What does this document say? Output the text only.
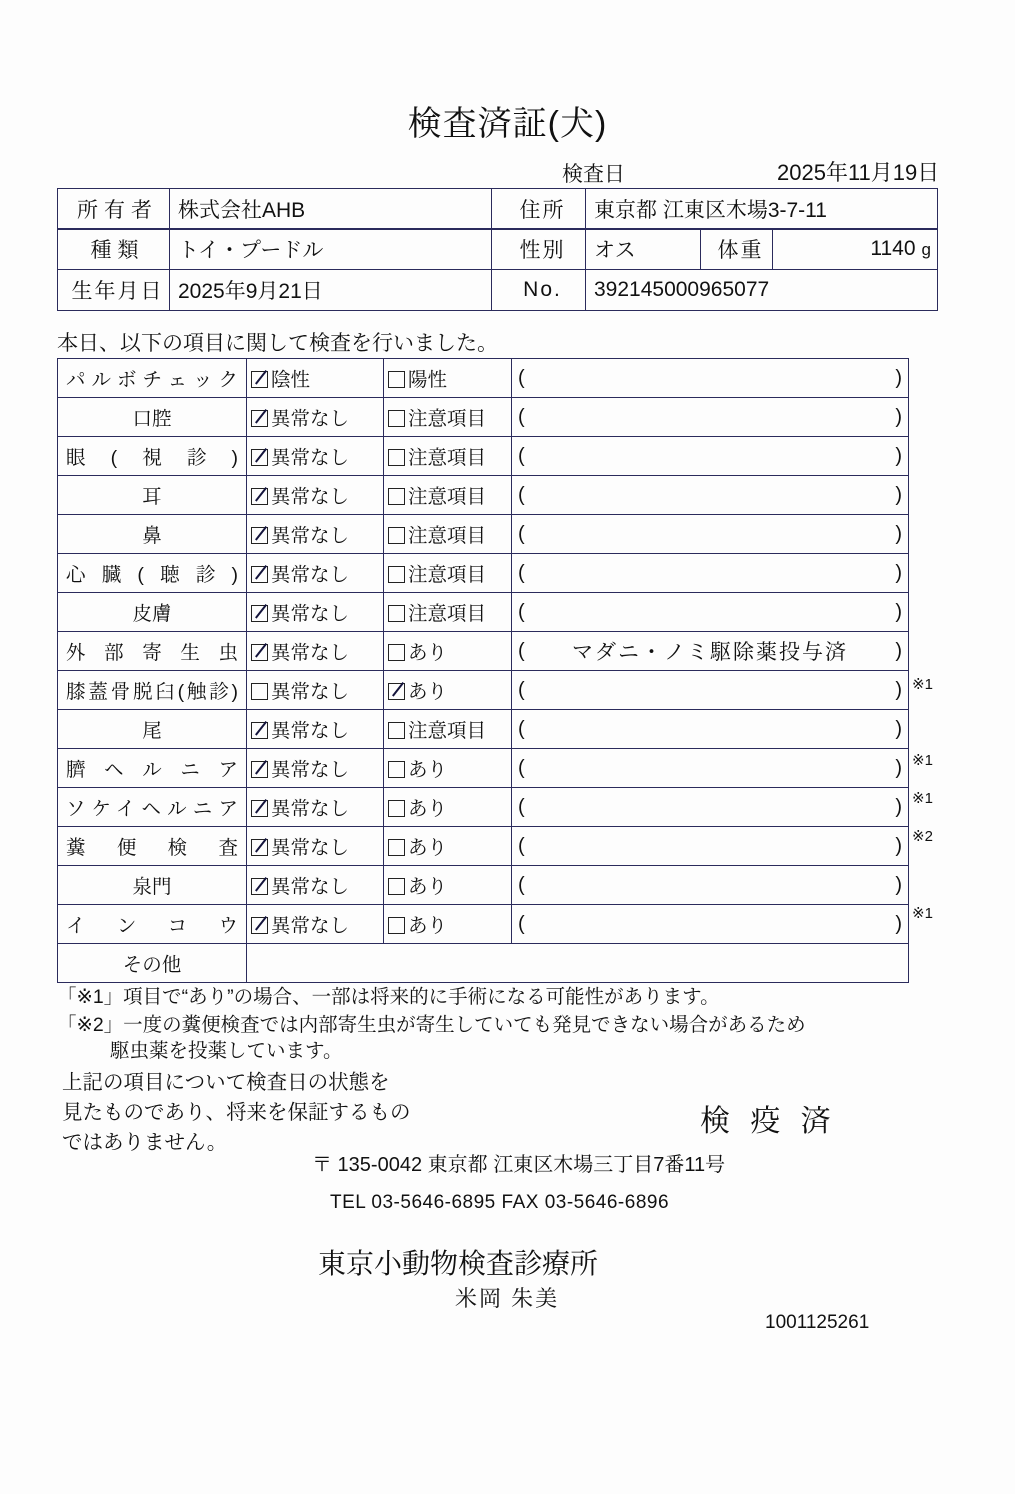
検査済証(犬)
検査日	2025年11月19日
所有者	株式会社AHB	住所	東京都 江東区木場3-7-11
種類	トイ・プードル	性別	オス	体重	1140 g
生年月日	2025年9月21日	No.	392145000965077		
本日、以下の項目に関して検査を行いました。
パルボチェック	陰性	陽性	( )

口腔	異常なし	注意項目	( )

眼(視診)	異常なし	注意項目	( )

耳	異常なし	注意項目	( )

鼻	異常なし	注意項目	( )

心臓(聴診)	異常なし	注意項目	( )

皮膚	異常なし	注意項目	( )

外部寄生虫	異常なし	あり	( マダニ・ノミ駆除薬投与済 )

膝蓋骨脱臼(触診)	異常なし	あり	( )

尾	異常なし	注意項目	( )

臍ヘルニア	異常なし	あり	( )

ソケイヘルニア	異常なし	あり	( )

糞便検査	異常なし	あり	( )

泉門	異常なし	あり	( )

インコウ	異常なし	あり	( )

その他			
※1
※1
※1
※2
※1
「※1」項目で“あり”の場合、一部は将来的に手術になる可能性があります。
「※2」一度の糞便検査では内部寄生虫が寄生していても発見できない場合があるため
駆虫薬を投薬しています。
上記の項目について検査日の状態を
見たものであり、将来を保証するもの
ではありません。
検 疫 済
〒 135-0042 東京都 江東区木場三丁目7番11号
TEL 03-5646-6895 FAX 03-5646-6896
東京小動物検査診療所
米岡 朱美
1001125261
